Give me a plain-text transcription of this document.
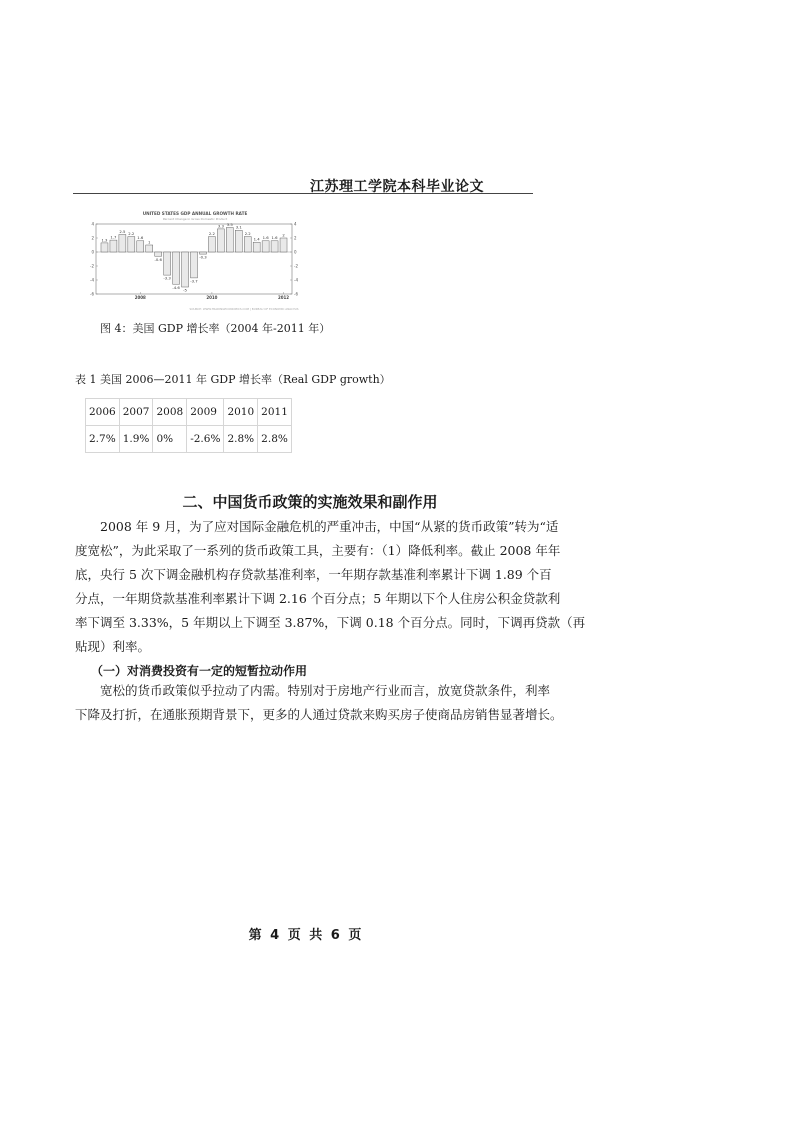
江苏理工学院本科毕业论文
UNITED STATES GDP ANNUAL GROWTH RATE
Percent Change in Gross Domestic Product
4	4
2	2
0	0
-2	-2
-4	-4
-6	-6
1.3
1.7
2.5 2.2
1.6
1
-0.6
-3.3
-4.6
-5
-3.7
-0.3
2.2
3.3 3.5
3.1
2.2
1.4 1.6 1.6
2
2008	2010	2012
SOURCE: WWW.TRADINGECONOMICS.COM | BUREAU OF ECONOMIC ANALYSIS
图 4：美国 GDP 增长率（2004 年-2011 年）
表 1 美国 2006—2011 年 GDP 增长率（Real GDP growth）
2006	2007	2008	2009	2010	2011
2.7%	1.9%	0%	-2.6%	2.8%	2.8%
二、中国货币政策的实施效果和副作用
2008 年 9 月，为了应对国际金融危机的严重冲击，中国“从紧的货币政策”转为“适
度宽松”，为此采取了一系列的货币政策工具，主要有：（1）降低利率。截止 2008 年年
底，央行 5 次下调金融机构存贷款基准利率，一年期存款基准利率累计下调 1.89 个百
分点，一年期贷款基准利率累计下调 2.16 个百分点；5 年期以下个人住房公积金贷款利
率下调至 3.33%，5 年期以上下调至 3.87%，下调 0.18 个百分点。同时，下调再贷款（再
贴现）利率。
（一）对消费投资有一定的短暂拉动作用
宽松的货币政策似乎拉动了内需。特别对于房地产行业而言，放宽贷款条件，利率
下降及打折，在通胀预期背景下，更多的人通过贷款来购买房子使商品房销售显著增长。
第 4 页 共 6 页
